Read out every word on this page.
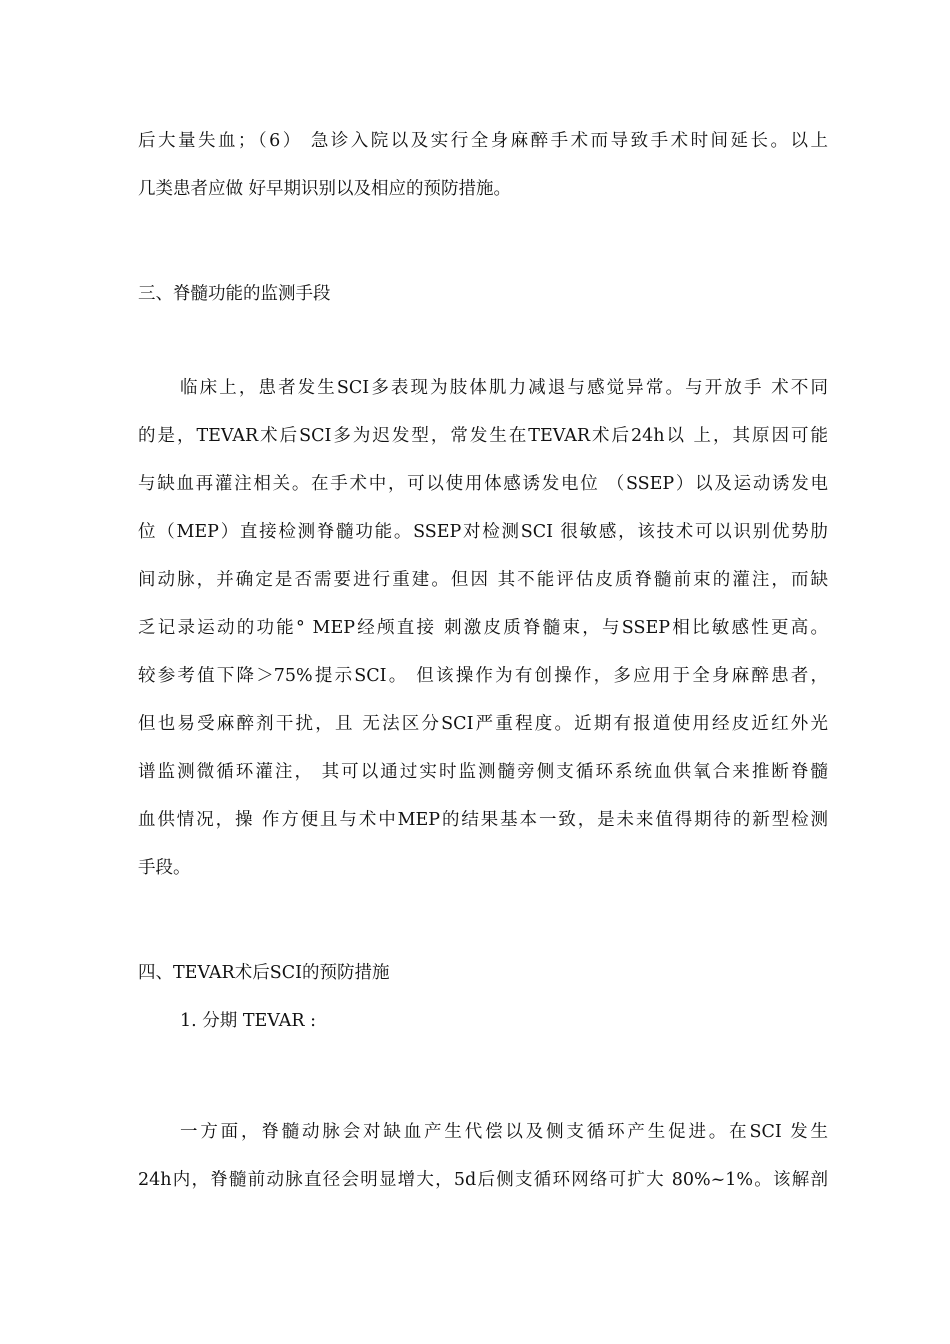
后大量失血；（6） 急诊入院以及实行全身麻醉手术而导致手术时间延长。以上
几类患者应做 好早期识别以及相应的预防措施。
三、脊髓功能的监测手段
临床上，患者发生SCI多表现为肢体肌力减退与感觉异常。与开放手 术不同
的是，TEVAR术后SCI多为迟发型，常发生在TEVAR术后24h以 上，其原因可能
与缺血再灌注相关。在手术中，可以使用体感诱发电位 （SSEP）以及运动诱发电
位（MEP）直接检测脊髓功能。SSEP对检测SCI 很敏感，该技术可以识别优势肋
间动脉，并确定是否需要进行重建。但因 其不能评估皮质脊髓前束的灌注，而缺
乏记录运动的功能° MEP经颅直接 刺激皮质脊髓束，与SSEP相比敏感性更高。
较参考值下降＞75%提示SCI。 但该操作为有创操作，多应用于全身麻醉患者，
但也易受麻醉剂干扰，且 无法区分SCI严重程度。近期有报道使用经皮近红外光
谱监测微循环灌注， 其可以通过实时监测髓旁侧支循环系统血供氧合来推断脊髓
血供情况，操 作方便且与术中MEP的结果基本一致，是未来值得期待的新型检测
手段。
四、TEVAR术后SCI的预防措施
1. 分期 TEVAR :
一方面，脊髓动脉会对缺血产生代偿以及侧支循环产生促进。在SCI 发生
24h内，脊髓前动脉直径会明显增大，5d后侧支循环网络可扩大 80%~1%。该解剖
